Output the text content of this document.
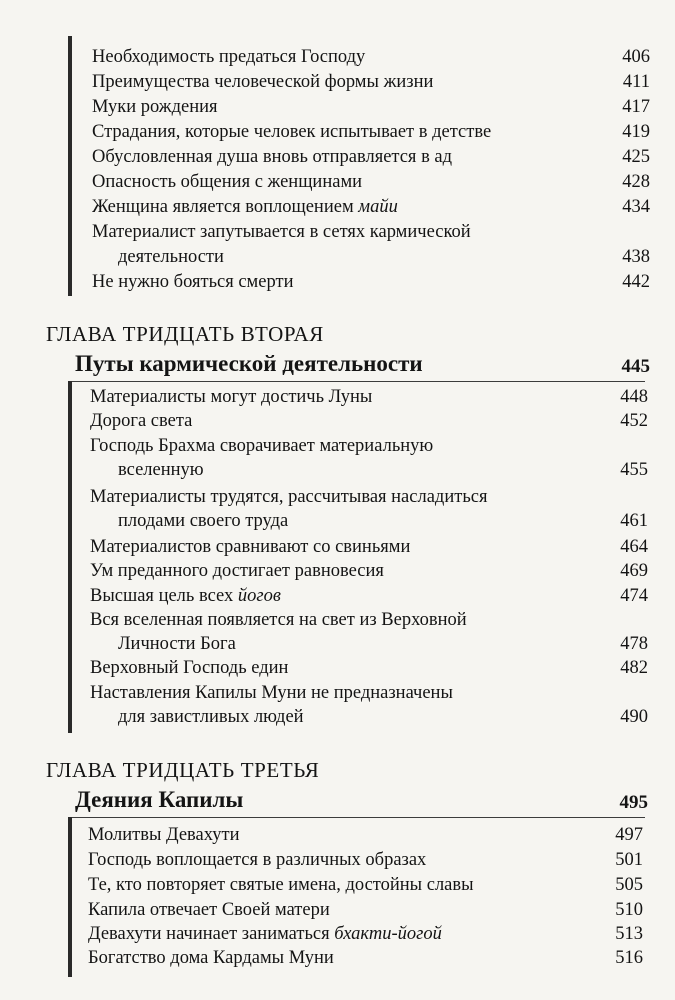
Необходимость предаться Господу	406
Преимущества человеческой формы жизни	411
Муки рождения	417
Страдания, которые человек испытывает в детстве	419
Обусловленная душа вновь отправляется в ад	425
Опасность общения с женщинами	428
Женщина является воплощением майи	434
Материалист запутывается в сетях кармической
деятельности	438
Не нужно бояться смерти	442
ГЛАВА ТРИДЦАТЬ ВТОРАЯ
Путы кармической деятельности	445
Материалисты могут достичь Луны	448
Дорога света	452
Господь Брахма сворачивает материальную
вселенную	455
Материалисты трудятся, рассчитывая насладиться
плодами своего труда	461
Материалистов сравнивают со свиньями	464
Ум преданного достигает равновесия	469
Высшая цель всех йогов	474
Вся вселенная появляется на свет из Верховной
Личности Бога	478
Верховный Господь един	482
Наставления Капилы Муни не предназначены
для завистливых людей	490
ГЛАВА ТРИДЦАТЬ ТРЕТЬЯ
Деяния Капилы	495
Молитвы Девахути	497
Господь воплощается в различных образах	501
Те, кто повторяет святые имена, достойны славы	505
Капила отвечает Своей матери	510
Девахути начинает заниматься бхакти-йогой	513
Богатство дома Кардамы Муни	516
